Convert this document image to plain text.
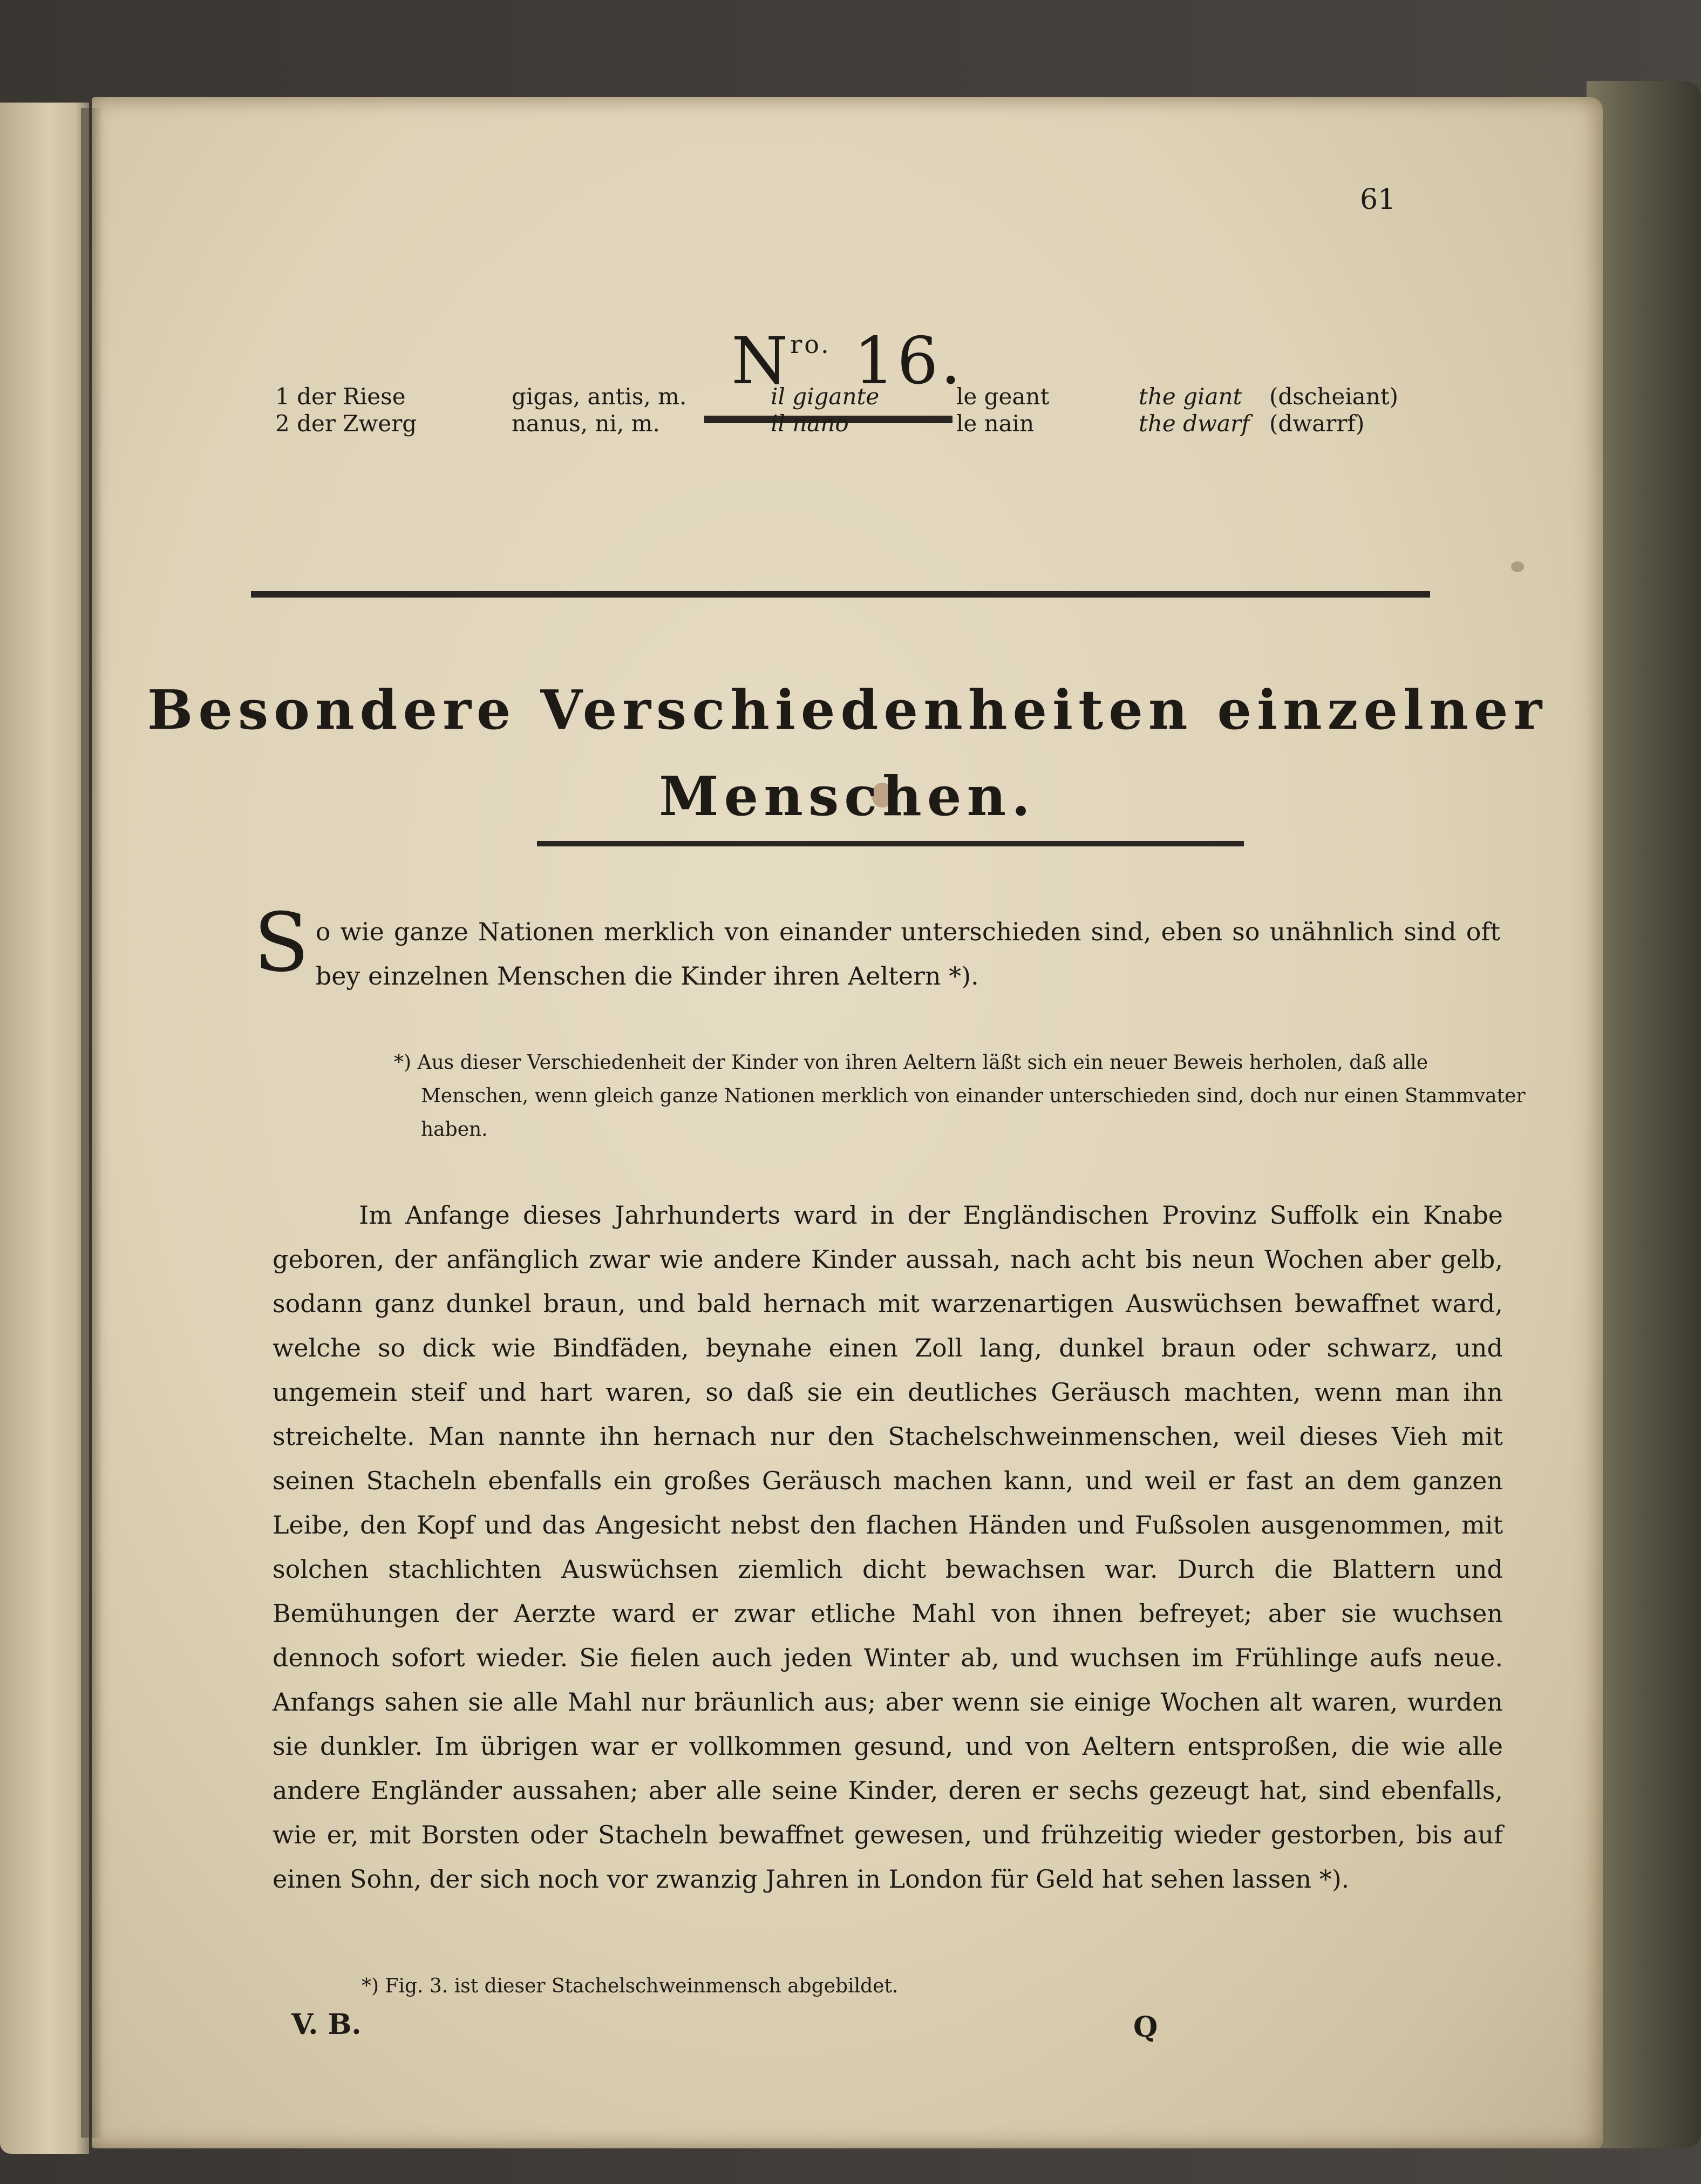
61
$N^{ro.}$ 16.
1 der Riese	gigas, antis, m.	il gigante	le geant	the giant (dscheiant)
2 der Zwerg	nanus, ni, m.	il nano	le nain	the dwarf (dwarrf)
Besondere Verschiedenheiten einzelner
Menschen.
So wie ganze Nationen merklich von einander unterschieden sind, eben so unähnlich sind oft bey einzelnen Menschen die Kinder ihren Aeltern *).
*) Aus dieser Verschiedenheit der Kinder von ihren Aeltern läßt sich ein neuer Beweis herholen, daß alle Menschen, wenn gleich ganze Nationen merklich von einander unterschieden sind, doch nur einen Stammvater haben.
Im Anfange dieses Jahrhunderts ward in der Engländischen Provinz Suffolk ein Knabe geboren, der anfänglich zwar wie andere Kinder aussah, nach acht bis neun Wochen aber gelb, sodann ganz dunkel braun, und bald hernach mit warzenartigen Auswüchsen bewaffnet ward, welche so dick wie Bindfäden, beynahe einen Zoll lang, dunkel braun oder schwarz, und ungemein steif und hart waren, so daß sie ein deutliches Geräusch machten, wenn man ihn streichelte. Man nannte ihn hernach nur den Stachelschweinmenschen, weil dieses Vieh mit seinen Stacheln ebenfalls ein großes Geräusch machen kann, und weil er fast an dem ganzen Leibe, den Kopf und das Angesicht nebst den flachen Händen und Fußsolen ausgenommen, mit solchen stachlichten Auswüchsen ziemlich dicht bewachsen war. Durch die Blattern und Bemühungen der Aerzte ward er zwar etliche Mahl von ihnen befreyet; aber sie wuchsen dennoch sofort wieder. Sie fielen auch jeden Winter ab, und wuchsen im Frühlinge aufs neue. Anfangs sahen sie alle Mahl nur bräunlich aus; aber wenn sie einige Wochen alt waren, wurden sie dunkler. Im übrigen war er vollkommen gesund, und von Aeltern entsproßen, die wie alle andere Engländer aussahen; aber alle seine Kinder, deren er sechs gezeugt hat, sind ebenfalls, wie er, mit Borsten oder Stacheln bewaffnet gewesen, und frühzeitig wieder gestorben, bis auf einen Sohn, der sich noch vor zwanzig Jahren in London für Geld hat sehen lassen *).
*) Fig. 3. ist dieser Stachelschweinmensch abgebildet.
V. B.	Q
